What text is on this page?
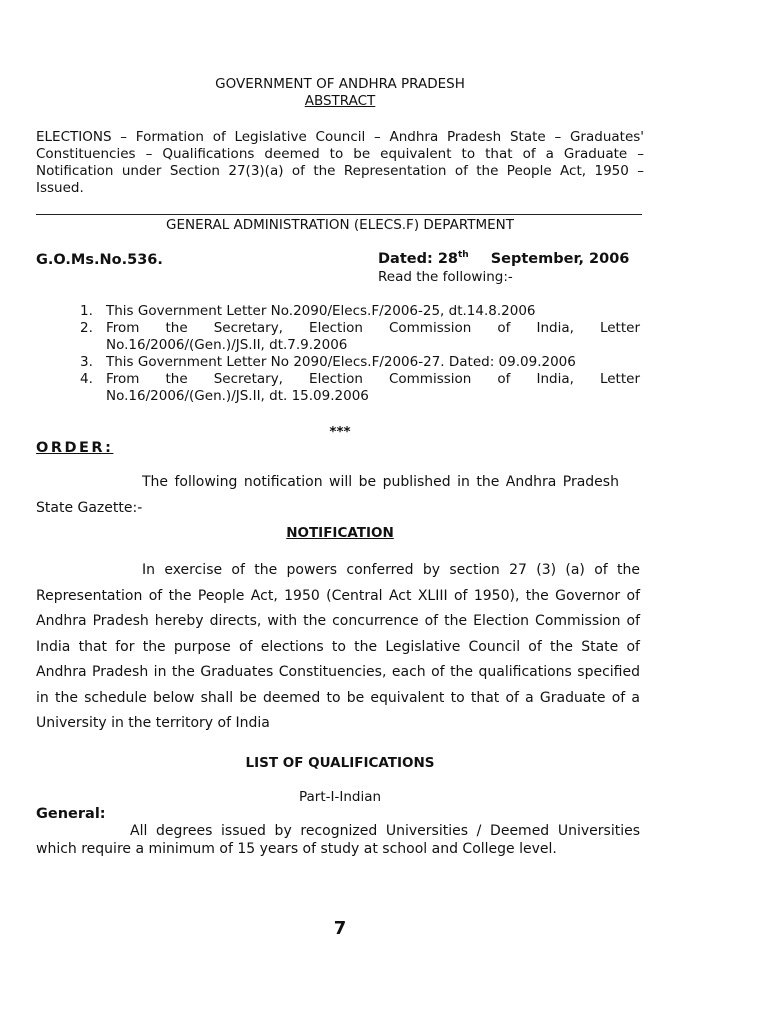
GOVERNMENT OF ANDHRA PRADESH
ABSTRACT
ELECTIONS – Formation of Legislative Council – Andhra Pradesh State – Graduates' Constituencies – Qualifications deemed to be equivalent to that of a Graduate – Notification under Section 27(3)(a) of the Representation of the People Act, 1950 – Issued.
GENERAL ADMINISTRATION (ELECS.F) DEPARTMENT
G.O.Ms.No.536.	Dated: 28th September, 2006
Read the following:-
1. This Government Letter No.2090/Elecs.F/2006-25, dt.14.8.2006
2. From the Secretary, Election Commission of India, Letter
No.16/2006/(Gen.)/JS.II, dt.7.9.2006
3. This Government Letter No 2090/Elecs.F/2006-27. Dated: 09.09.2006
4. From the Secretary, Election Commission of India, Letter
No.16/2006/(Gen.)/JS.II, dt. 15.09.2006
***
ORDER:
The following notification will be published in the Andhra Pradesh
State Gazette:-
NOTIFICATION
In exercise of the powers conferred by section 27 (3) (a) of the Representation of the People Act, 1950 (Central Act XLIII of 1950), the Governor of Andhra Pradesh hereby directs, with the concurrence of the Election Commission of India that for the purpose of elections to the Legislative Council of the State of Andhra Pradesh in the Graduates Constituencies, each of the qualifications specified in the schedule below shall be deemed to be equivalent to that of a Graduate of a University in the territory of India
LIST OF QUALIFICATIONS
Part-I-Indian
General:
All degrees issued by recognized Universities / Deemed Universities which require a minimum of 15 years of study at school and College level.
7
